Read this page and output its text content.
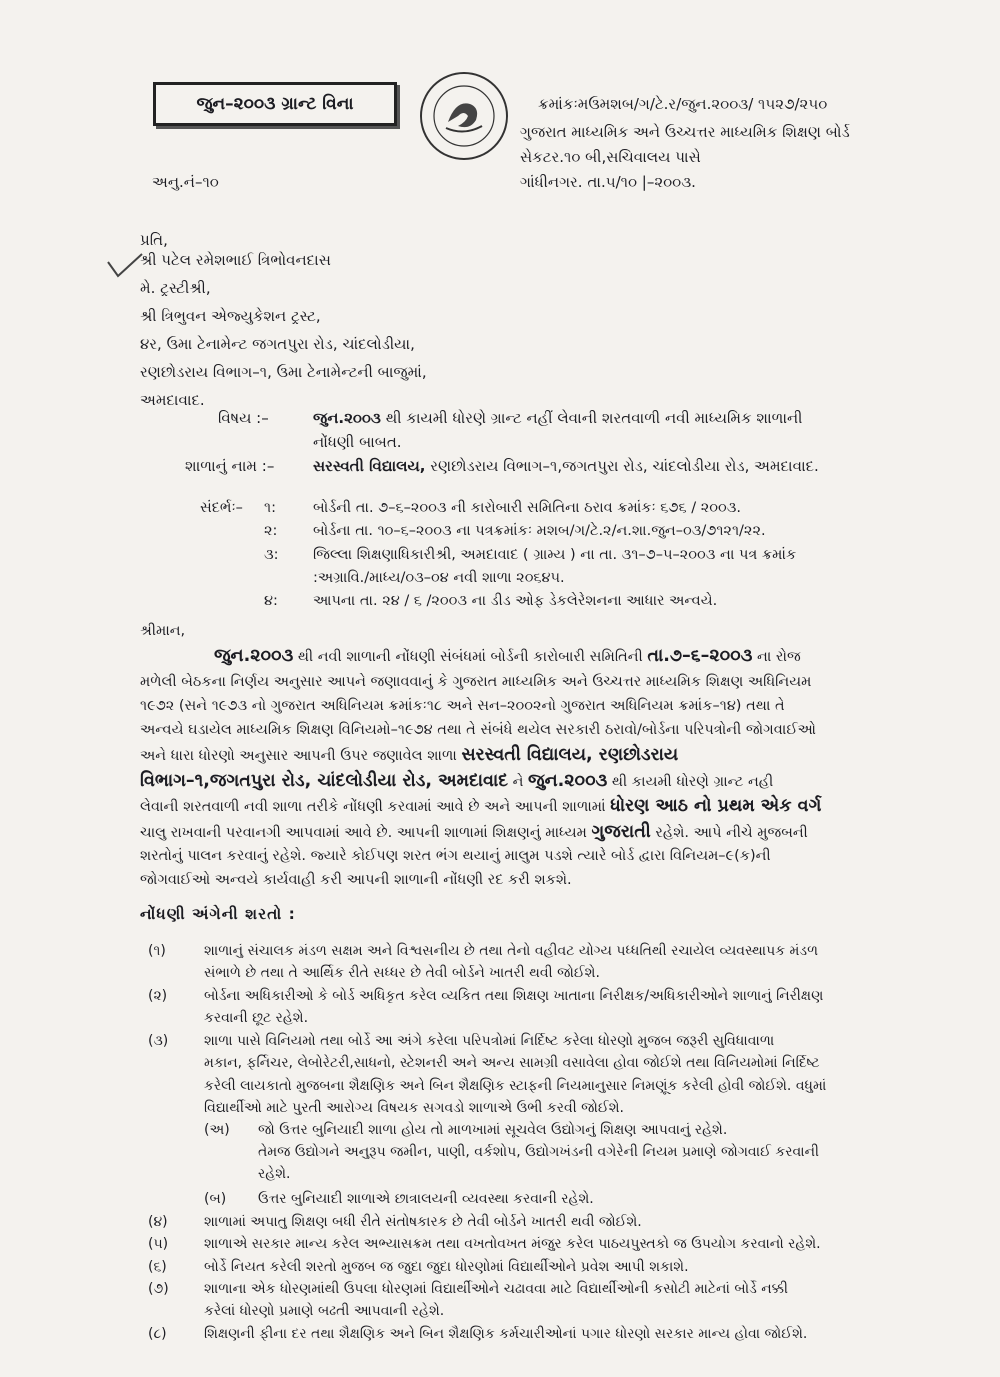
જુન–૨૦૦૩ ગ્રાન્ટ વિના	ક્રમાંકઃમઉમશબ/ગ/ટે.ર/જુન.૨૦૦૩/ ૧૫૨૭/૨૫૦
ગુજરાત માધ્યમિક અને ઉચ્ચત્તર માધ્યમિક શિક્ષણ બોર્ડ
સેકટર.૧૦ બી,સચિવાલય પાસે
ગાંધીનગર. તા.૫/૧૦ |–૨૦૦૩.
અનુ.નં–૧૦
પ્રતિ,
શ્રી પટેલ રમેશભાઈ ત્રિભોવનદાસ
મે. ટ્રસ્ટીશ્રી,
શ્રી ત્રિભુવન એજ્યુકેશન ટ્રસ્ટ,
૪ર, ઉમા ટેનામેન્ટ જગતપુરા રોડ, ચાંદલોડીયા,
રણછોડરાય વિભાગ–૧, ઉમા ટેનામેન્ટની બાજુમાં,
અમદાવાદ.
વિષય :–	જુન.૨૦૦૩ થી કાયમી ધોરણે ગ્રાન્ટ નહીં લેવાની શરતવાળી નવી માધ્યમિક શાળાની
નોંધણી બાબત.
શાળાનું નામ :–	સરસ્વતી વિદ્યાલય, રણછોડરાય વિભાગ–૧,જગતપુરા રોડ, ચાંદલોડીયા રોડ, અમદાવાદ.
સંદર્ભઃ– ૧:	બોર્ડની તા. ૭–૬–૨૦૦૩ ની કારોબારી સમિતિના ઠરાવ ક્રમાંકઃ ૬૭૬ / ૨૦૦૩.
૨: બોર્ડના તા. ૧૦–૬–૨૦૦૩ ના પત્રક્રમાંકઃ મશબ/ગ/ટે.૨/ન.શા.જુન–૦૩/૭૧૨૧/૨૨.
૩: જિલ્લા શિક્ષણાધિકારીશ્રી, અમદાવાદ ( ગ્રામ્ય ) ના તા. ૩૧–૭–૫–૨૦૦૩ ના પત્ર ક્રમાંક
:અગ્રાવિ./માધ્ય/૦૩–૦૪ નવી શાળા ૨૦૬૪૫.
૪: આપના તા. ૨૪ / ૬ /૨૦૦૩ ના ડીડ ઓફ ડેકલેરેશનના આધાર અન્વયે.
શ્રીમાન,
જુન.૨૦૦૩ થી નવી શાળાની નોંધણી સંબંધમાં બોર્ડની કારોબારી સમિતિની તા.૭–૬–૨૦૦૩ ના રોજ
મળેલી બેઠકના નિર્ણય અનુસાર આપને જણાવવાનું કે ગુજરાત માધ્યમિક અને ઉચ્ચત્તર માધ્યમિક શિક્ષણ અધિનિયમ
૧૯૭૨ (સને ૧૯૭૩ નો ગુજરાત અધિનિયમ ક્રમાંકઃ૧૮ અને સન–૨૦૦૨નો ગુજરાત અધિનિયમ ક્રમાંક–૧૪) તથા તે
અન્વયે ઘડાયેલ માધ્યમિક શિક્ષણ વિનિયમો–૧૯૭૪ તથા તે સંબંધે થયેલ સરકારી ઠરાવો/બોર્ડના પરિપત્રોની જોગવાઈઓ
અને ધારા ધોરણો અનુસાર આપની ઉપર જણાવેલ શાળા સરસ્વતી વિદ્યાલય, રણછોડરાય
વિભાગ–૧,જગતપુરા રોડ, ચાંદલોડીયા રોડ, અમદાવાદ ને જુન.૨૦૦૩ થી કાયમી ધોરણે ગ્રાન્ટ નહી
લેવાની શરતવાળી નવી શાળા તરીકે નોંધણી કરવામાં આવે છે અને આપની શાળામાં ધોરણ આઠ નો પ્રથમ એક વર્ગ
ચાલુ રાખવાની પરવાનગી આપવામાં આવે છે. આપની શાળામાં શિક્ષણનું માધ્યમ ગુજરાતી રહેશે. આપે નીચે મુજબની
શરતોનું પાલન કરવાનું રહેશે. જ્યારે કોઈપણ શરત ભંગ થયાનું માલુમ પડશે ત્યારે બોર્ડ દ્વારા વિનિયમ–૯(ક)ની
જોગવાઈઓ અન્વયે કાર્યવાહી કરી આપની શાળાની નોંધણી રદ કરી શકશે.
નોંધણી અંગેની શરતો :
(૧)	શાળાનું સંચાલક મંડળ સક્ષમ અને વિશ્વસનીય છે તથા તેનો વહીવટ યોગ્ય પધ્ધતિથી રચાયેલ વ્યવસ્થાપક મંડળ
સંભાળે છે તથા તે આર્થિક રીતે સધ્ધર છે તેવી બોર્ડને ખાતરી થવી જોઈશે.
(૨)	બોર્ડના અધિકારીઓ કે બોર્ડ અધિકૃત કરેલ વ્યકિત તથા શિક્ષણ ખાતાના નિરીક્ષક/અધિકારીઓને શાળાનું નિરીક્ષણ
કરવાની છૂટ રહેશે.
(૩)	શાળા પાસે વિનિયમો તથા બોર્ડે આ અંગે કરેલા પરિપત્રોમાં નિર્દિષ્ટ કરેલા ધોરણો મુજબ જરૂરી સુવિધાવાળા
મકાન, ફર્નિચર, લેબોરેટરી,સાધનો, સ્ટેશનરી અને અન્ય સામગ્રી વસાવેલા હોવા જોઈશે તથા વિનિયમોમાં નિર્દિષ્ટ
કરેલી લાયકાતો મુજબના શૈક્ષણિક અને બિન શૈક્ષણિક સ્ટાફની નિયમાનુસાર નિમણૂંક કરેલી હોવી જોઈશે. વધુમાં
વિદ્યાર્થીઓ માટે પુરતી આરોગ્ય વિષયક સગવડો શાળાએ ઉભી કરવી જોઈશે.
(અ) જો ઉત્તર બુનિયાદી શાળા હોય તો માળખામાં સૂચવેલ ઉદ્યોગનું શિક્ષણ આપવાનું રહેશે.
તેમજ ઉદ્યોગને અનુરૂપ જમીન, પાણી, વર્કશોપ, ઉદ્યોગખંડની વગેરેની નિયમ પ્રમાણે જોગવાઈ કરવાની
રહેશે.
(બ) ઉત્તર બુનિયાદી શાળાએ છાત્રાલયની વ્યવસ્થા કરવાની રહેશે.
(૪)	શાળામાં અપાતુ શિક્ષણ બધી રીતે સંતોષકારક છે તેવી બોર્ડને ખાતરી થવી જોઈશે.
(૫)	શાળાએ સરકાર માન્ય કરેલ અભ્યાસક્રમ તથા વખતોવખત મંજુર કરેલ પાઠયપુસ્તકો જ ઉપયોગ કરવાનો રહેશે.
(૬)	બોર્ડે નિયત કરેલી શરતો મુજબ જ જુદા જુદા ધોરણોમાં વિદ્યાર્થીઓને પ્રવેશ આપી શકાશે.
(૭)	શાળાના એક ધોરણમાંથી ઉપલા ધોરણમાં વિદ્યાર્થીઓને ચઢાવવા માટે વિદ્યાર્થીઓની કસોટી માટેનાં બોર્ડે નક્કી
કરેલાં ધોરણો પ્રમાણે બઢતી આપવાની રહેશે.
(૮)	શિક્ષણની ફીના દર તથા શૈક્ષણિક અને બિન શૈક્ષણિક કર્મચારીઓનાં પગાર ધોરણો સરકાર માન્ય હોવા જોઈશે.
